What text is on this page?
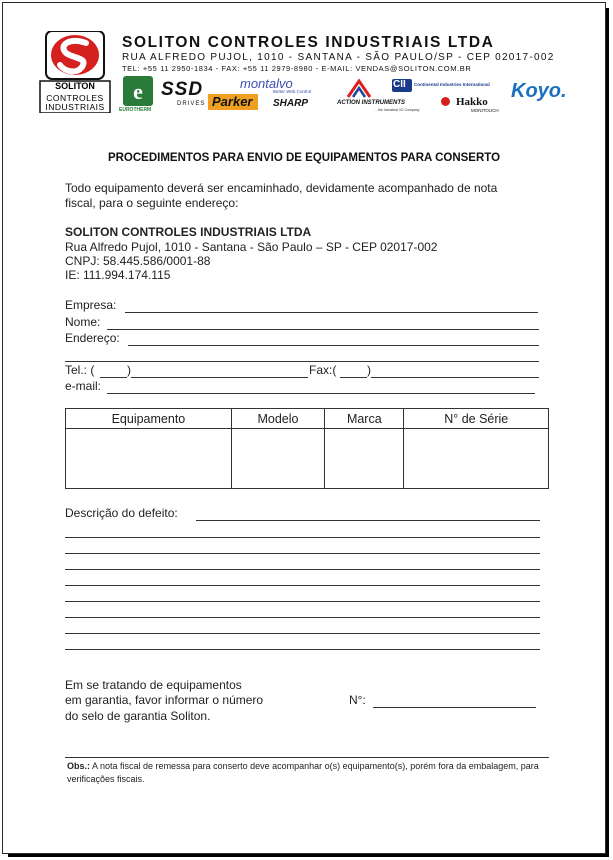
SOLITON
CONTROLES
INDUSTRIAIS
SOLITON CONTROLES INDUSTRIAIS LTDA
RUA ALFREDO PUJOL, 1010 - SANTANA - SÃO PAULO/SP - CEP 02017-002
TEL: +55 11 2950-1834 - FAX: +55 11 2979-8980 - E-MAIL: VENDAS@SOLITON.COM.BR
e
EUROTHERM
SSD
DRIVES Parker
montalvo
Better Web Control
SHARP	ACTION INSTRUMENTS
...the Industrial I/O Company
CII Continental Industries International
Hakko
MONITOUCH
Koyo.
PROCEDIMENTOS PARA ENVIO DE EQUIPAMENTOS PARA CONSERTO
Todo equipamento deverá ser encaminhado, devidamente acompanhado de nota
fiscal, para o seguinte endereço:
SOLITON CONTROLES INDUSTRIAIS LTDA
Rua Alfredo Pujol, 1010 - Santana - São Paulo – SP - CEP 02017-002
CNPJ: 58.445.586/0001-88
IE: 111.994.174.115
Empresa:
Nome:
Endereço:
Tel.: (	)	Fax:(	)
e-mail:
Equipamento	Modelo	Marca	N° de Série

Descrição do defeito:
Em se tratando de equipamentos
em garantia, favor informar o número
do selo de garantia Soliton.
N°:
Obs.: A nota fiscal de remessa para conserto deve acompanhar o(s) equipamento(s), porém fora da embalagem, para verificações fiscais.
